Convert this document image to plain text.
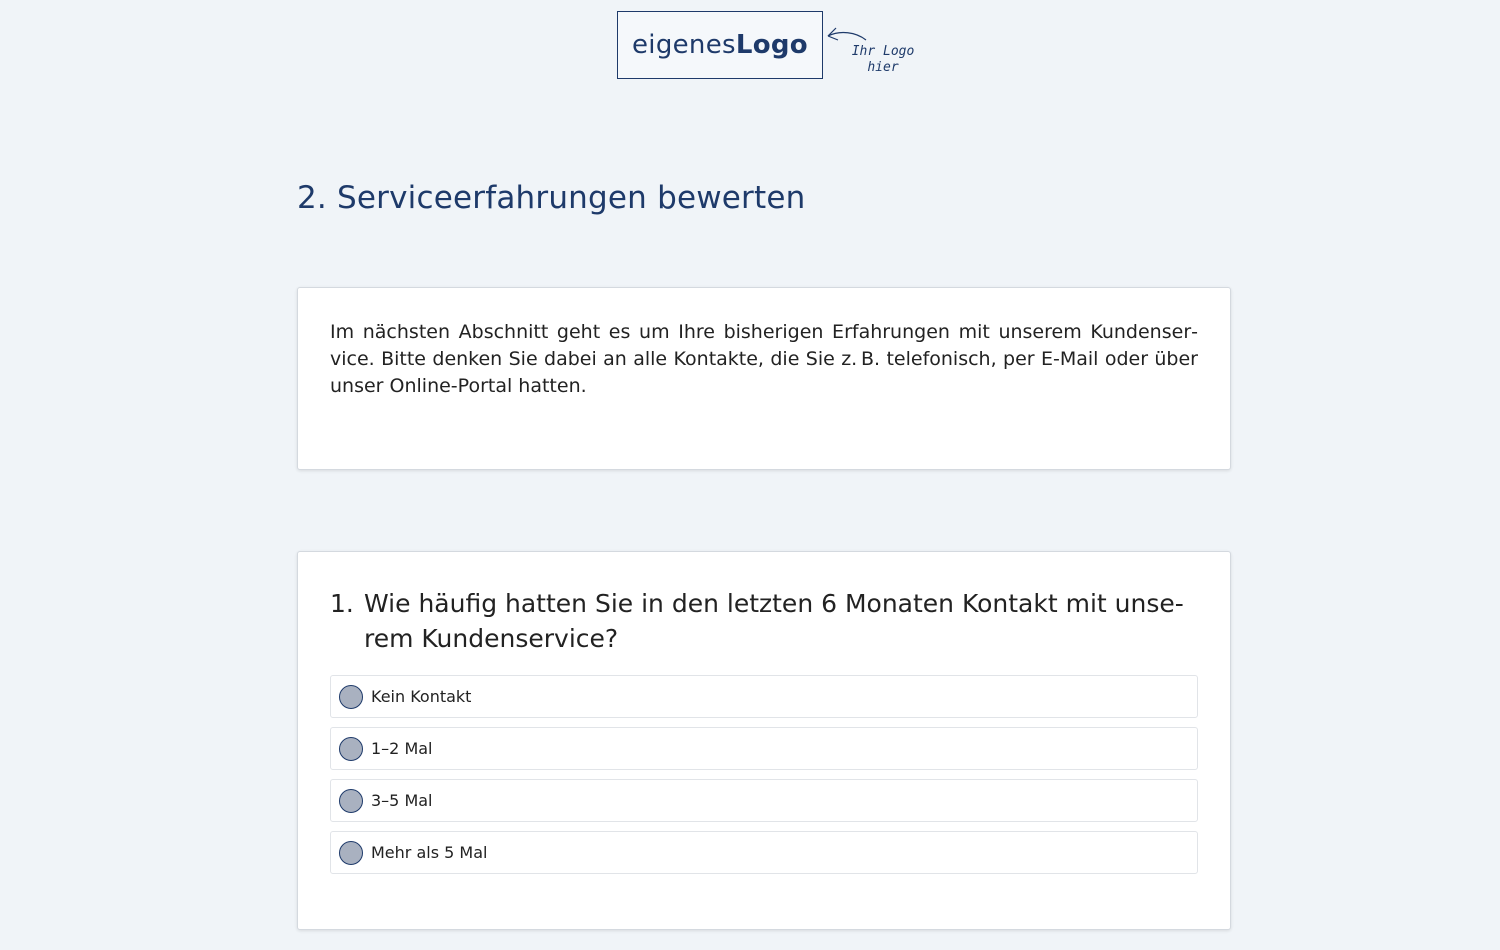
eigenes Logo	Ihr Logo
hier
2. Serviceerfahrungen bewerten

Im nächsten Abschnitt geht es um Ihre bisherigen Erfahrungen mit unserem Kundenservice. Bitte denken Sie dabei an alle Kontakte, die Sie z. B. telefonisch, per E-Mail oder über unser Online-Portal hatten.

1. Wie häufig hatten Sie in den letzten 6 Monaten Kontakt mit unserem Kundenservice?
Kein Kontakt
1–2 Mal
3–5 Mal
Mehr als 5 Mal
